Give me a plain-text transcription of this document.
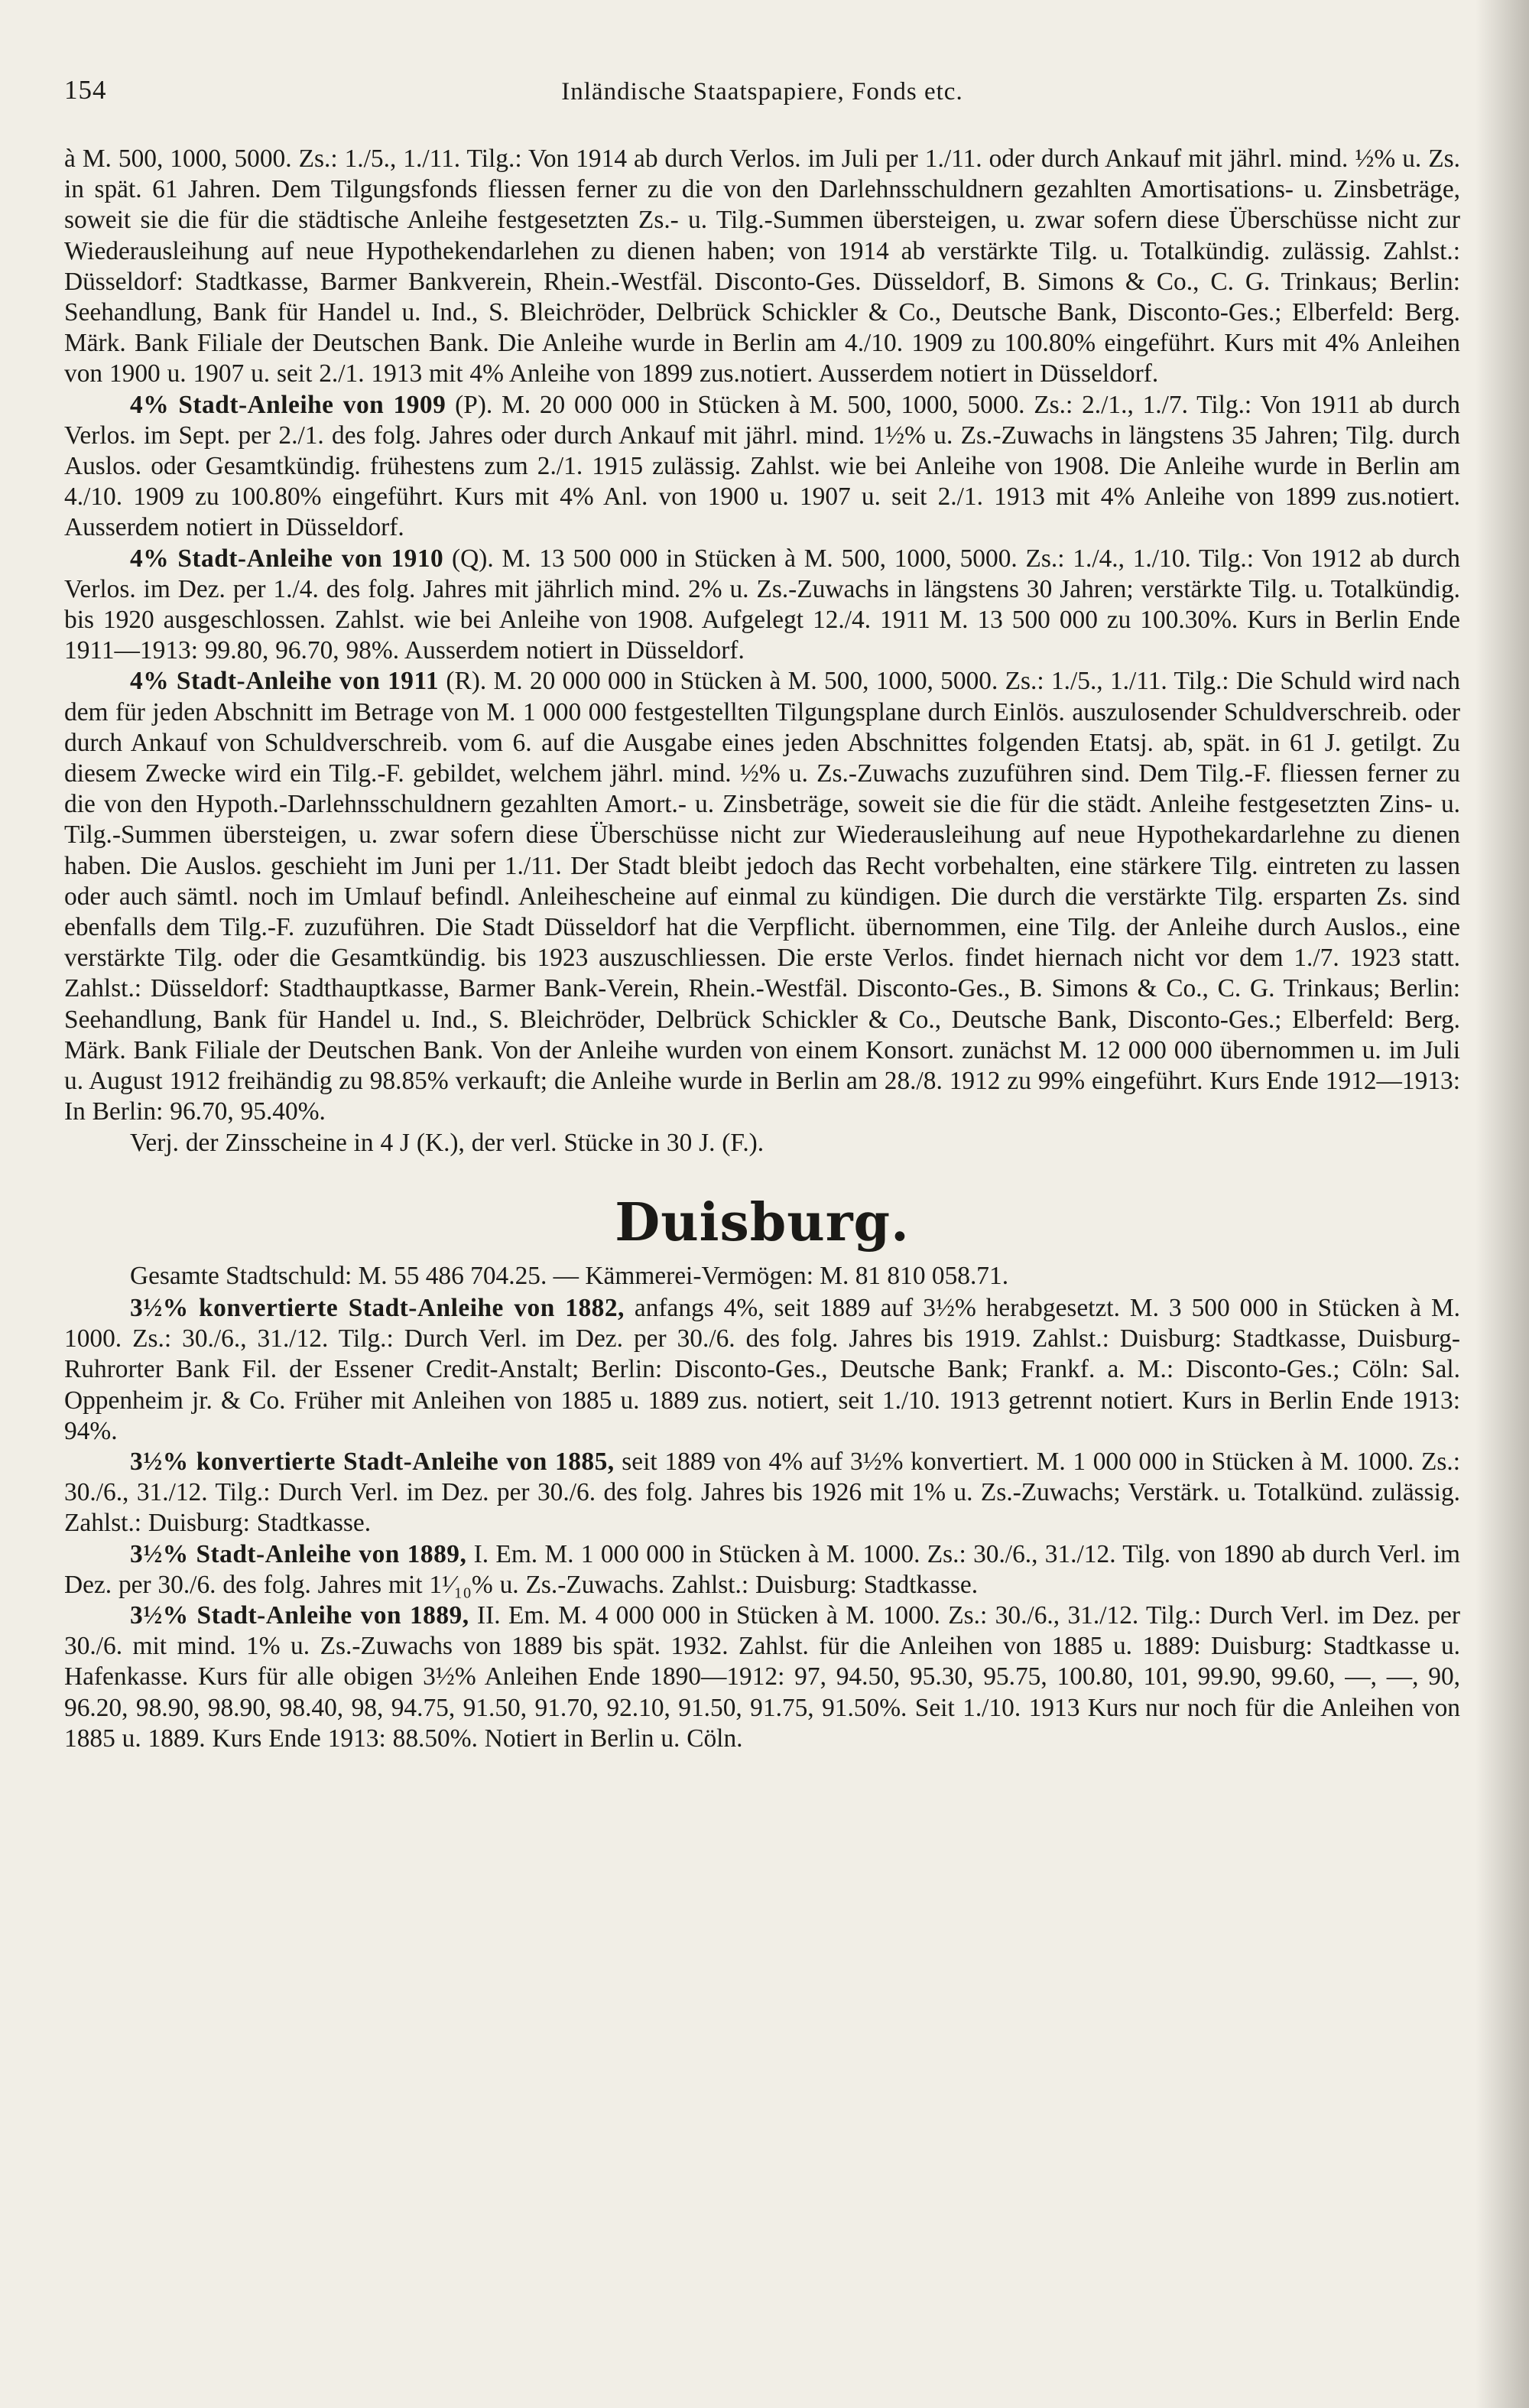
154	Inländische Staatspapiere, Fonds etc.

à M. 500, 1000, 5000. Zs.: 1./5., 1./11. Tilg.: Von 1914 ab durch Verlos. im Juli per 1./11. oder durch Ankauf mit jährl. mind. ½% u. Zs. in spät. 61 Jahren. Dem Tilgungsfonds fliessen ferner zu die von den Darlehnsschuldnern gezahlten Amortisations- u. Zinsbeträge, soweit sie die für die städtische Anleihe festgesetzten Zs.- u. Tilg.-Summen übersteigen, u. zwar sofern diese Überschüsse nicht zur Wiederausleihung auf neue Hypothekendarlehen zu dienen haben; von 1914 ab verstärkte Tilg. u. Totalkündig. zulässig. Zahlst.: Düsseldorf: Stadtkasse, Barmer Bankverein, Rhein.-Westfäl. Disconto-Ges. Düsseldorf, B. Simons & Co., C. G. Trinkaus; Berlin: Seehandlung, Bank für Handel u. Ind., S. Bleichröder, Delbrück Schickler & Co., Deutsche Bank, Disconto-Ges.; Elberfeld: Berg. Märk. Bank Filiale der Deutschen Bank. Die Anleihe wurde in Berlin am 4./10. 1909 zu 100.80% eingeführt. Kurs mit 4% Anleihen von 1900 u. 1907 u. seit 2./1. 1913 mit 4% Anleihe von 1899 zus.notiert. Ausserdem notiert in Düsseldorf.

4% Stadt-Anleihe von 1909 (P). M. 20 000 000 in Stücken à M. 500, 1000, 5000. Zs.: 2./1., 1./7. Tilg.: Von 1911 ab durch Verlos. im Sept. per 2./1. des folg. Jahres oder durch Ankauf mit jährl. mind. 1½% u. Zs.-Zuwachs in längstens 35 Jahren; Tilg. durch Auslos. oder Gesamtkündig. frühestens zum 2./1. 1915 zulässig. Zahlst. wie bei Anleihe von 1908. Die Anleihe wurde in Berlin am 4./10. 1909 zu 100.80% eingeführt. Kurs mit 4% Anl. von 1900 u. 1907 u. seit 2./1. 1913 mit 4% Anleihe von 1899 zus.notiert. Ausserdem notiert in Düsseldorf.

4% Stadt-Anleihe von 1910 (Q). M. 13 500 000 in Stücken à M. 500, 1000, 5000. Zs.: 1./4., 1./10. Tilg.: Von 1912 ab durch Verlos. im Dez. per 1./4. des folg. Jahres mit jährlich mind. 2% u. Zs.-Zuwachs in längstens 30 Jahren; verstärkte Tilg. u. Totalkündig. bis 1920 ausgeschlossen. Zahlst. wie bei Anleihe von 1908. Aufgelegt 12./4. 1911 M. 13 500 000 zu 100.30%. Kurs in Berlin Ende 1911—1913: 99.80, 96.70, 98%. Ausserdem notiert in Düsseldorf.

4% Stadt-Anleihe von 1911 (R). M. 20 000 000 in Stücken à M. 500, 1000, 5000. Zs.: 1./5., 1./11. Tilg.: Die Schuld wird nach dem für jeden Abschnitt im Betrage von M. 1 000 000 festgestellten Tilgungsplane durch Einlös. auszulosender Schuldverschreib. oder durch Ankauf von Schuldverschreib. vom 6. auf die Ausgabe eines jeden Abschnittes folgenden Etatsj. ab, spät. in 61 J. getilgt. Zu diesem Zwecke wird ein Tilg.-F. gebildet, welchem jährl. mind. ½% u. Zs.-Zuwachs zuzuführen sind. Dem Tilg.-F. fliessen ferner zu die von den Hypoth.-Darlehnsschuldnern gezahlten Amort.- u. Zinsbeträge, soweit sie die für die städt. Anleihe festgesetzten Zins- u. Tilg.-Summen übersteigen, u. zwar sofern diese Überschüsse nicht zur Wiederausleihung auf neue Hypothekardarlehne zu dienen haben. Die Auslos. geschieht im Juni per 1./11. Der Stadt bleibt jedoch das Recht vorbehalten, eine stärkere Tilg. eintreten zu lassen oder auch sämtl. noch im Umlauf befindl. Anleihescheine auf einmal zu kündigen. Die durch die verstärkte Tilg. ersparten Zs. sind ebenfalls dem Tilg.-F. zuzuführen. Die Stadt Düsseldorf hat die Verpflicht. übernommen, eine Tilg. der Anleihe durch Auslos., eine verstärkte Tilg. oder die Gesamtkündig. bis 1923 auszuschliessen. Die erste Verlos. findet hiernach nicht vor dem 1./7. 1923 statt. Zahlst.: Düsseldorf: Stadthauptkasse, Barmer Bank-Verein, Rhein.-Westfäl. Disconto-Ges., B. Simons & Co., C. G. Trinkaus; Berlin: Seehandlung, Bank für Handel u. Ind., S. Bleichröder, Delbrück Schickler & Co., Deutsche Bank, Disconto-Ges.; Elberfeld: Berg. Märk. Bank Filiale der Deutschen Bank. Von der Anleihe wurden von einem Konsort. zunächst M. 12 000 000 übernommen u. im Juli u. August 1912 freihändig zu 98.85% verkauft; die Anleihe wurde in Berlin am 28./8. 1912 zu 99% eingeführt. Kurs Ende 1912—1913: In Berlin: 96.70, 95.40%.

Verj. der Zinsscheine in 4 J (K.), der verl. Stücke in 30 J. (F.).

Duisburg.

Gesamte Stadtschuld: M. 55 486 704.25. — Kämmerei-Vermögen: M. 81 810 058.71.

3½% konvertierte Stadt-Anleihe von 1882, anfangs 4%, seit 1889 auf 3½% herabgesetzt. M. 3 500 000 in Stücken à M. 1000. Zs.: 30./6., 31./12. Tilg.: Durch Verl. im Dez. per 30./6. des folg. Jahres bis 1919. Zahlst.: Duisburg: Stadtkasse, Duisburg-Ruhrorter Bank Fil. der Essener Credit-Anstalt; Berlin: Disconto-Ges., Deutsche Bank; Frankf. a. M.: Disconto-Ges.; Cöln: Sal. Oppenheim jr. & Co. Früher mit Anleihen von 1885 u. 1889 zus. notiert, seit 1./10. 1913 getrennt notiert. Kurs in Berlin Ende 1913: 94%.

3½% konvertierte Stadt-Anleihe von 1885, seit 1889 von 4% auf 3½% konvertiert. M. 1 000 000 in Stücken à M. 1000. Zs.: 30./6., 31./12. Tilg.: Durch Verl. im Dez. per 30./6. des folg. Jahres bis 1926 mit 1% u. Zs.-Zuwachs; Verstärk. u. Totalkünd. zulässig. Zahlst.: Duisburg: Stadtkasse.

3½% Stadt-Anleihe von 1889, I. Em. M. 1 000 000 in Stücken à M. 1000. Zs.: 30./6., 31./12. Tilg. von 1890 ab durch Verl. im Dez. per 30./6. des folg. Jahres mit 1¹⁄₁₀% u. Zs.-Zuwachs. Zahlst.: Duisburg: Stadtkasse.

3½% Stadt-Anleihe von 1889, II. Em. M. 4 000 000 in Stücken à M. 1000. Zs.: 30./6., 31./12. Tilg.: Durch Verl. im Dez. per 30./6. mit mind. 1% u. Zs.-Zuwachs von 1889 bis spät. 1932. Zahlst. für die Anleihen von 1885 u. 1889: Duisburg: Stadtkasse u. Hafenkasse. Kurs für alle obigen 3½% Anleihen Ende 1890—1912: 97, 94.50, 95.30, 95.75, 100.80, 101, 99.90, 99.60, —, —, 90, 96.20, 98.90, 98.90, 98.40, 98, 94.75, 91.50, 91.70, 92.10, 91.50, 91.75, 91.50%. Seit 1./10. 1913 Kurs nur noch für die Anleihen von 1885 u. 1889. Kurs Ende 1913: 88.50%. Notiert in Berlin u. Cöln.
